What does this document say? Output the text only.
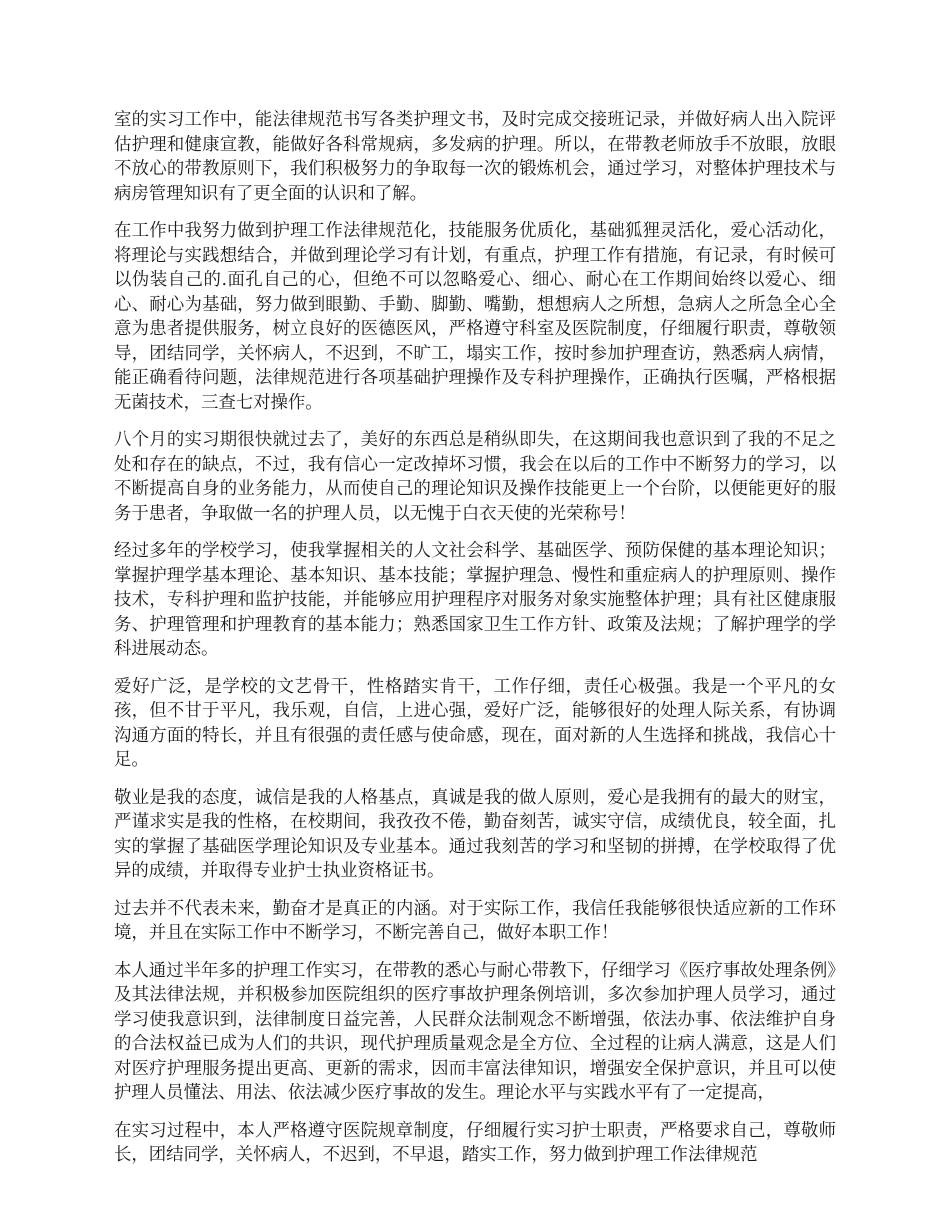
室的实习工作中，能法律规范书写各类护理文书，及时完成交接班记录，并做好病人出入院评估护理和健康宣教，能做好各科常规病，多发病的护理。所以，在带教老师放手不放眼，放眼不放心的带教原则下，我们积极努力的争取每一次的锻炼机会，通过学习，对整体护理技术与病房管理知识有了更全面的认识和了解。

在工作中我努力做到护理工作法律规范化，技能服务优质化，基础狐狸灵活化，爱心活动化，将理论与实践想结合，并做到理论学习有计划，有重点，护理工作有措施，有记录，有时候可以伪装自己的.面孔自己的心，但绝不可以忽略爱心、细心、耐心在工作期间始终以爱心、细心、耐心为基础，努力做到眼勤、手勤、脚勤、嘴勤，想想病人之所想，急病人之所急全心全意为患者提供服务，树立良好的医德医风，严格遵守科室及医院制度，仔细履行职责，尊敬领导，团结同学，关怀病人，不迟到，不旷工，塌实工作，按时参加护理查访，熟悉病人病情，能正确看待问题，法律规范进行各项基础护理操作及专科护理操作，正确执行医嘱，严格根据无菌技术，三查七对操作。

八个月的实习期很快就过去了，美好的东西总是稍纵即失，在这期间我也意识到了我的不足之处和存在的缺点，不过，我有信心一定改掉坏习惯，我会在以后的工作中不断努力的学习，以不断提高自身的业务能力，从而使自己的理论知识及操作技能更上一个台阶，以便能更好的服务于患者，争取做一名的护理人员，以无愧于白衣天使的光荣称号！

经过多年的学校学习，使我掌握相关的人文社会科学、基础医学、预防保健的基本理论知识；掌握护理学基本理论、基本知识、基本技能；掌握护理急、慢性和重症病人的护理原则、操作技术，专科护理和监护技能，并能够应用护理程序对服务对象实施整体护理；具有社区健康服务、护理管理和护理教育的基本能力；熟悉国家卫生工作方针、政策及法规；了解护理学的学科进展动态。

爱好广泛，是学校的文艺骨干，性格踏实肯干，工作仔细，责任心极强。我是一个平凡的女孩，但不甘于平凡，我乐观，自信，上进心强，爱好广泛，能够很好的处理人际关系，有协调沟通方面的特长，并且有很强的责任感与使命感，现在，面对新的人生选择和挑战，我信心十足。

敬业是我的态度，诚信是我的人格基点，真诚是我的做人原则，爱心是我拥有的最大的财宝，严谨求实是我的性格，在校期间，我孜孜不倦，勤奋刻苦，诚实守信，成绩优良，较全面，扎实的掌握了基础医学理论知识及专业基本。通过我刻苦的学习和坚韧的拼搏，在学校取得了优异的成绩，并取得专业护士执业资格证书。

过去并不代表未来，勤奋才是真正的内涵。对于实际工作，我信任我能够很快适应新的工作环境，并且在实际工作中不断学习，不断完善自己，做好本职工作！

本人通过半年多的护理工作实习，在带教的悉心与耐心带教下，仔细学习《医疗事故处理条例》及其法律法规，并积极参加医院组织的医疗事故护理条例培训，多次参加护理人员学习，通过学习使我意识到，法律制度日益完善，人民群众法制观念不断增强，依法办事、依法维护自身的合法权益已成为人们的共识，现代护理质量观念是全方位、全过程的让病人满意，这是人们对医疗护理服务提出更高、更新的需求，因而丰富法律知识，增强安全保护意识，并且可以使护理人员懂法、用法、依法减少医疗事故的发生。理论水平与实践水平有了一定提高，

在实习过程中，本人严格遵守医院规章制度，仔细履行实习护士职责，严格要求自己，尊敬师长，团结同学，关怀病人，不迟到，不早退，踏实工作，努力做到护理工作法律规范
